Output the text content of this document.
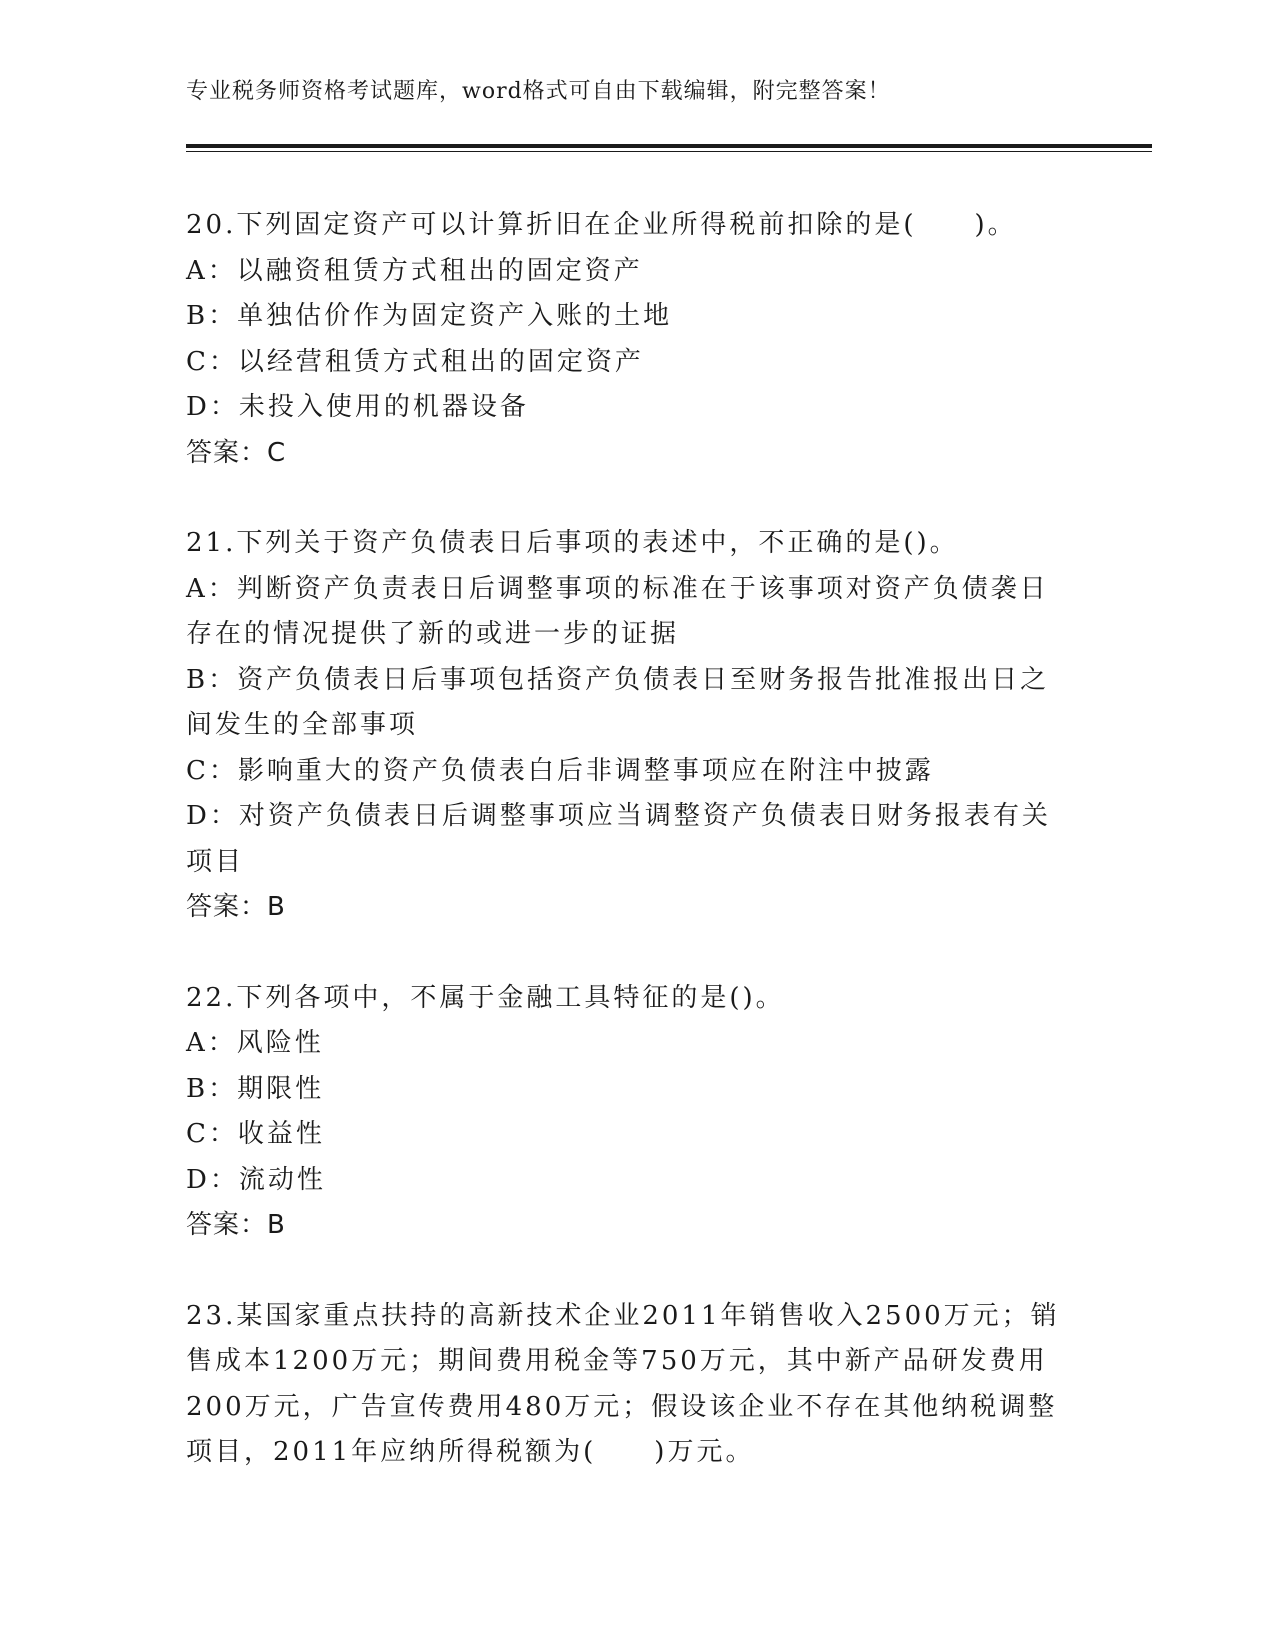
专业税务师资格考试题库，word格式可自由下载编辑，附完整答案！
20.下列固定资产可以计算折旧在企业所得税前扣除的是(　　)。
A：以融资租赁方式租出的固定资产
B：单独估价作为固定资产入账的土地
C：以经营租赁方式租出的固定资产
D：未投入使用的机器设备
答案：C
21.下列关于资产负债表日后事项的表述中，不正确的是()。
A：判断资产负责表日后调整事项的标准在于该事项对资产负债袭日存在的情况提供了新的或进一步的证据
B：资产负债表日后事项包括资产负债表日至财务报告批准报出日之间发生的全部事项
C：影响重大的资产负债表白后非调整事项应在附注中披露
D：对资产负债表日后调整事项应当调整资产负债表日财务报表有关项目
答案：B
22.下列各项中，不属于金融工具特征的是()。
A：风险性
B：期限性
C：收益性
D：流动性
答案：B
23.某国家重点扶持的高新技术企业2011年销售收入2500万元；销售成本1200万元；期间费用税金等750万元，其中新产品研发费用200万元，广告宣传费用480万元；假设该企业不存在其他纳税调整项目，2011年应纳所得税额为(　　)万元。
